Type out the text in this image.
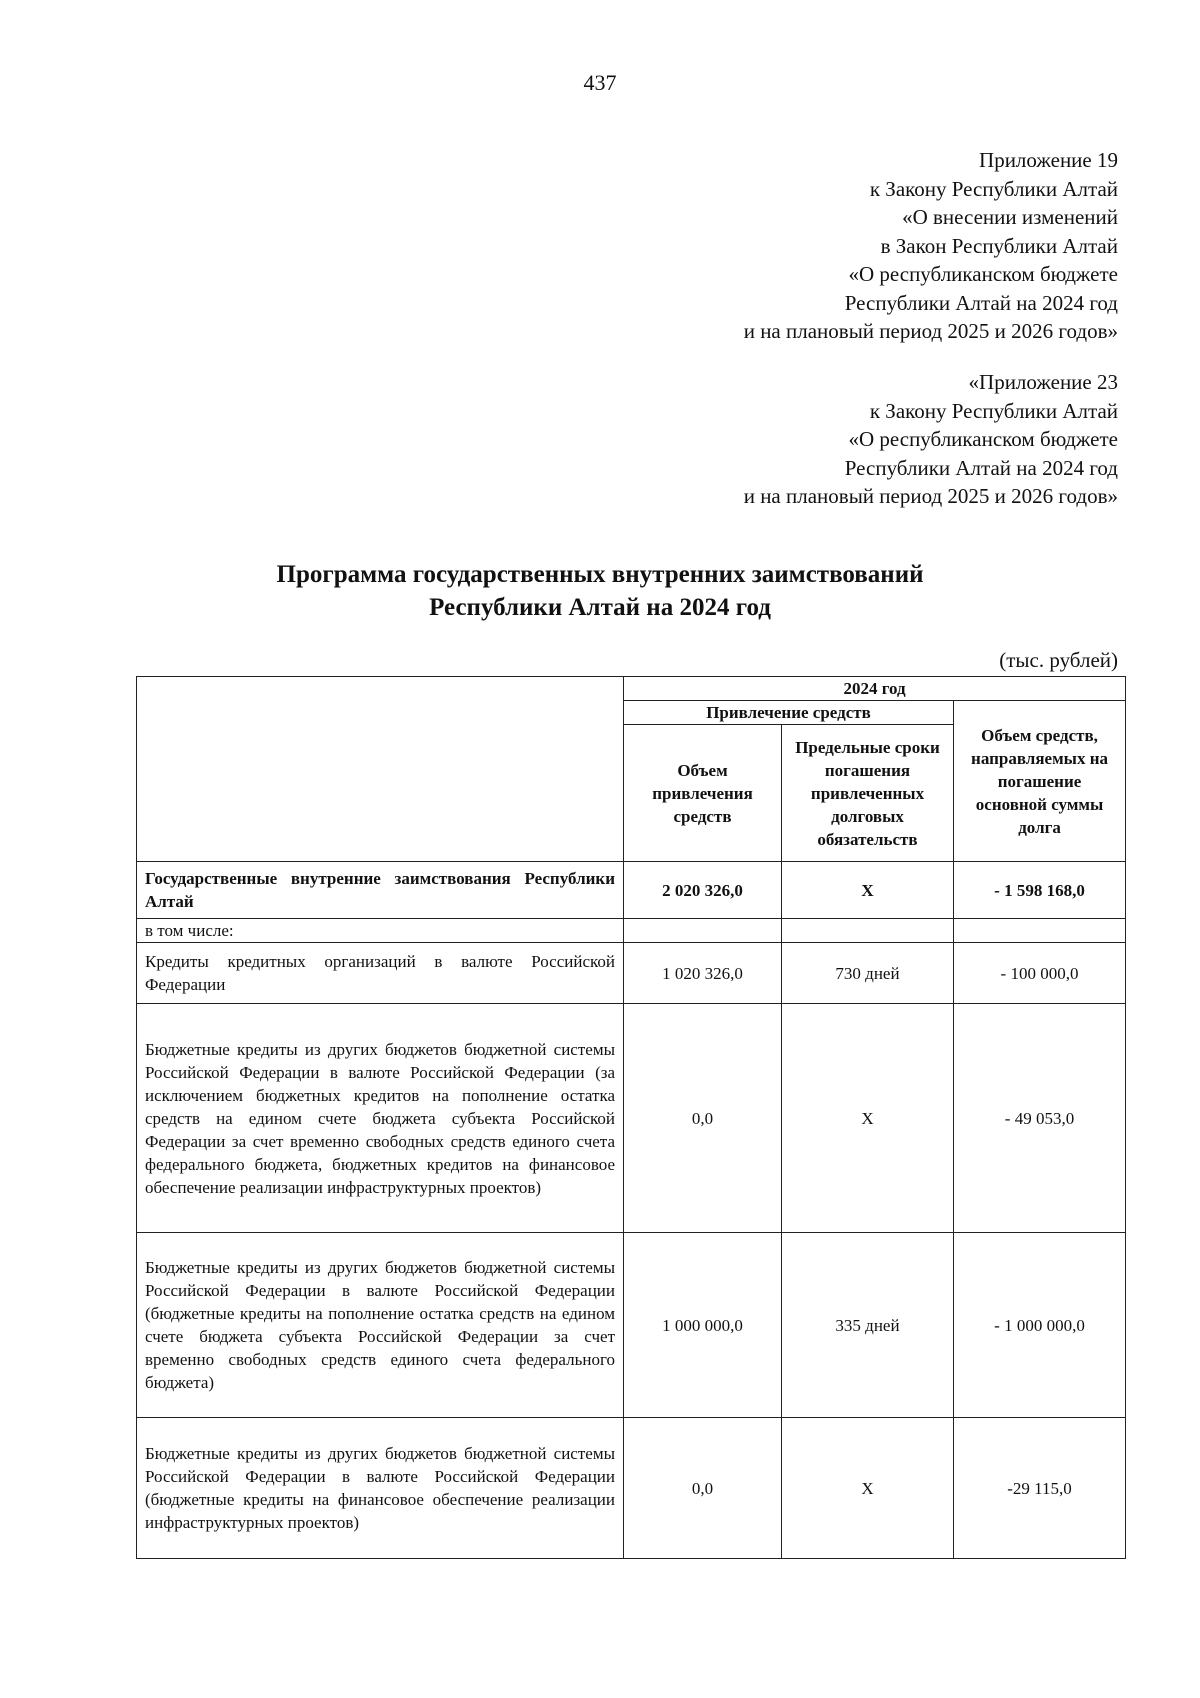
437
Приложение 19
к Закону Республики Алтай
«О внесении изменений
в Закон Республики Алтай
«О республиканском бюджете
Республики Алтай на 2024 год
и на плановый период 2025 и 2026 годов»
«Приложение 23
к Закону Республики Алтай
«О республиканском бюджете
Республики Алтай на 2024 год
и на плановый период 2025 и 2026 годов»
Программа государственных внутренних заимствований
Республики Алтай на 2024 год
(тыс. рублей)
	2024 год		
	Привлечение средств		Объем средств, направляемых на погашение основной суммы долга
	Объем привлечения средств	Предельные сроки погашения привлеченных долговых обязательств	
Государственные внутренние заимствования Республики Алтай	2 020 326,0	Х	- 1 598 168,0
в том числе:			
Кредиты кредитных организаций в валюте Российской Федерации	1 020 326,0	730 дней	- 100 000,0
Бюджетные кредиты из других бюджетов бюджетной системы Российской Федерации в валюте Российской Федерации (за исключением бюджетных кредитов на пополнение остатка средств на едином счете бюджета субъекта Российской Федерации за счет временно свободных средств единого счета федерального бюджета, бюджетных кредитов на финансовое обеспечение реализации инфраструктурных проектов)	0,0	Х	- 49 053,0
Бюджетные кредиты из других бюджетов бюджетной системы Российской Федерации в валюте Российской Федерации (бюджетные кредиты на пополнение остатка средств на едином счете бюджета субъекта Российской Федерации за счет временно свободных средств единого счета федерального бюджета)	1 000 000,0	335 дней	- 1 000 000,0
Бюджетные кредиты из других бюджетов бюджетной системы Российской Федерации в валюте Российской Федерации (бюджетные кредиты на финансовое обеспечение реализации инфраструктурных проектов)	0,0	Х	-29 115,0
